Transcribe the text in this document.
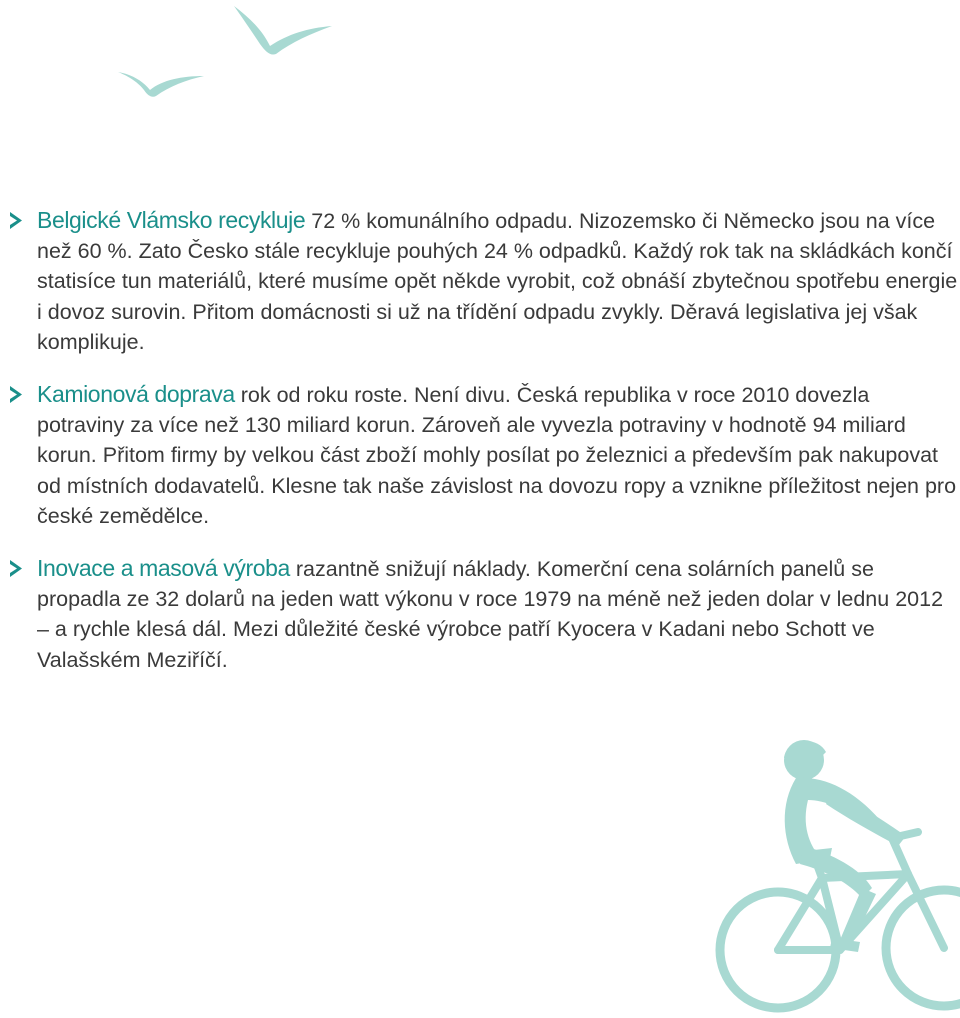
Belgické Vlámsko recykluje 72 % komunálního odpadu. Nizozemsko či Německo jsou na více než 60 %. Zato Česko stále recykluje pouhých 24 % odpadků. Každý rok tak na skládkách končí statisíce tun materiálů, které musíme opět někde vyrobit, což obnáší zbytečnou spotřebu energie i dovoz surovin. Přitom domácnosti si už na třídění odpadu zvykly. Děravá legislativa jej však komplikuje.

Kamionová doprava rok od roku roste. Není divu. Česká republika v roce 2010 dovezla potraviny za více než 130 miliard korun. Zároveň ale vyvezla potraviny v hodnotě 94 miliard korun. Přitom firmy by velkou část zboží mohly posílat po železnici a především pak nakupovat od místních dodavatelů. Klesne tak naše závislost na dovozu ropy a vznikne příležitost nejen pro české zemědělce.

Inovace a masová výroba razantně snižují náklady. Komerční cena solárních panelů se propadla ze 32 dolarů na jeden watt výkonu v roce 1979 na méně než jeden dolar v lednu 2012 – a rychle klesá dál. Mezi důležité české výrobce patří Kyocera v Kadani nebo Schott ve Valašském Meziříčí.
